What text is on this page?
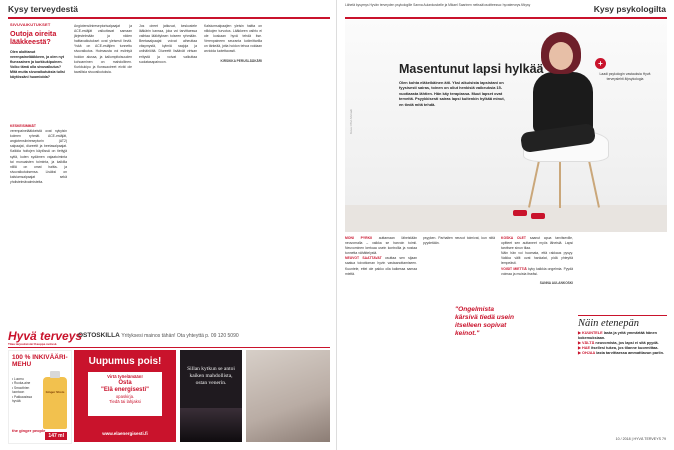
Kysy terveydestä
SIVUVAIKUTUKSET
Outoja oireita lääkkeestä?
Olen aloittanut verenpainelääkkeen, ja olen nyt flunssainen ja kurkkukipuinen. Voiko tämä olla sivuvaikutus? Mitä muita sivuvaikutuksia tulisi käytössäni huomioida?
KESKEISIMMÄT verenpainelääkkeistä ovat nykyisin kolmen ryhmät. ACE-estäjät, angiotensiinireseptorin (AT2) salpaajat, diureetit ja beetasalpaajat. Kaikkia hoitojen käytössä on tiettyjä syitä, kuten sydämen vajaatoiminta tai munuaisten toiminta, ja kaikilla niillä on omat haitta- ja sivuvaikutuksensa. Lisäksi on kalsiumsalpaajat sekä yhdistelmävalmisteita.
Angiotensiinireseptorisalpaajat ja ACE-estäjät vaikuttavat samaan järjestelmään ja niiden haittavaikutukset ovat yleisesti lieviä. Yskä on ACE-estäjien tunnettu sivuvaikutus. Huimausta voi esiintyä hoidon alussa, ja kaliumpitoisuuden kohoaminen on mahdollinen. Kurkkukipu ja flunssaoireet eivät ole tavallisia sivuvaikutuksia.
Jos oireet jatkuvat, keskustele lääkärin kanssa, joka voi tarvittaessa vaihtaa lääkityksen toiseen ryhmään. Beetasalpaajat voivat aiheuttaa väsymystä, kylmiä raajoja ja unihäiriöitä. Diureetit lisäävät virtsan eritystä ja voivat vaikuttaa suolatasapainoon.
Kalsiumsalpaajien yleisin haitta on nilkkojen turvotus. Lääkkeen vaihto ei ole koskaan hyvä tehdä itse. Verenpaineen seuranta kotimittarilla on tärkeää, jotta hoidon tehoa voidaan arvioida luotettavasti.
KIRSIKKA PERUSLÄÄKÄRI
Hyvä terveys
Tilaa tarjouksista! Kauppa netissä
OSTOSKILLA Yrityksesi mainos tähän! Ota yhteyttä p. 09 120 5090
100 % INKIVÄÄRI-MEHU
• Luomu
• Ruoka-aine
• Smoothien
luontoon
• Pakkausissa
hyvää
Ginger Shots
the ginger people
147 ml
Uupumus pois!
Virtä työelämään!
Osta
"Elä energisesti"
opaskirja.
Tiedä tai lahjaksi
www.elaenergisesti.fi
Sillan kytkun se antoi kaiken mahdollista, ostan venerin.
Kysy psykologilta
Lähetä kysymys Hyvän terveyden psykologille Sanna Aulankoskelle ja Mikael Saarinen netissä/osoitteessa: hyvaterveys.fi/kysy
Kuva: Pilvi Ahmadi
Masentunut lapsi hylkää
Olen kohta eläkeikäinen äiti. Yksi aikuisista lapsistani on fyysisesti sairas, toinen on oliut henkisiä vaikeuksia 15-vuotiaasta lähtien. Hän käy terapiassa. Muut lapset ovat terveitä. Psyykkisesti sairas lapsi kuitenkin hylkää minut, en tiedä mitä tehdä.
+
Laadi psykologin vastauksia Hyvä terveyslehti.fi/psykologia
MONI PYRKII auttamaan läheistään neuvomalla – vaikka se harvoin toimii. Neuvominen kertoaa usein kontrollia ja nostaa tunnetta vähättelystä.
NEUVOT SAATTAVAT osuttaa sen sijaan saatua toivottoman hyvin vastaanottamiseen. Kuuntele, ettei ole pakko olla kaikessa samaa mieltä.
psyyken. Parhaiten neuvot toimivat, kun niitä pyydetään.
KOSKA OLET saanut apua tarvitseville, opitteet sen auttaneet myös läheisiä. Lapsi tarvitsee sinun tilaa.
Näin hän voi huomata, että rakkaus pysyy. Vaikka välit ovat hankalat, pidä yhteyttä lempeästi.
VOISIT MIETTIÄ kyky kaikkia ongelmia. Pyydä voimaa ja muista itseäsi.
SANNA AULANKOSKI
"Ongelmista kärsivä tiedä usein itselleen sopivat keinot."
Näin etenepän
▶ KUUNTELE lasta ja yritä ymmärtää hänen kokemuksiaan.
▶ VÄLTÄ neuvomista, jos lapsi ei sitä pyydä.
▶ HAE itsellesi tukea, jos tilanne kuormittaa.
▶ OHJAA lasta tarvittaessa ammattiavun pariin.
10 / 2018 | HYVÄ TERVEYS 79
